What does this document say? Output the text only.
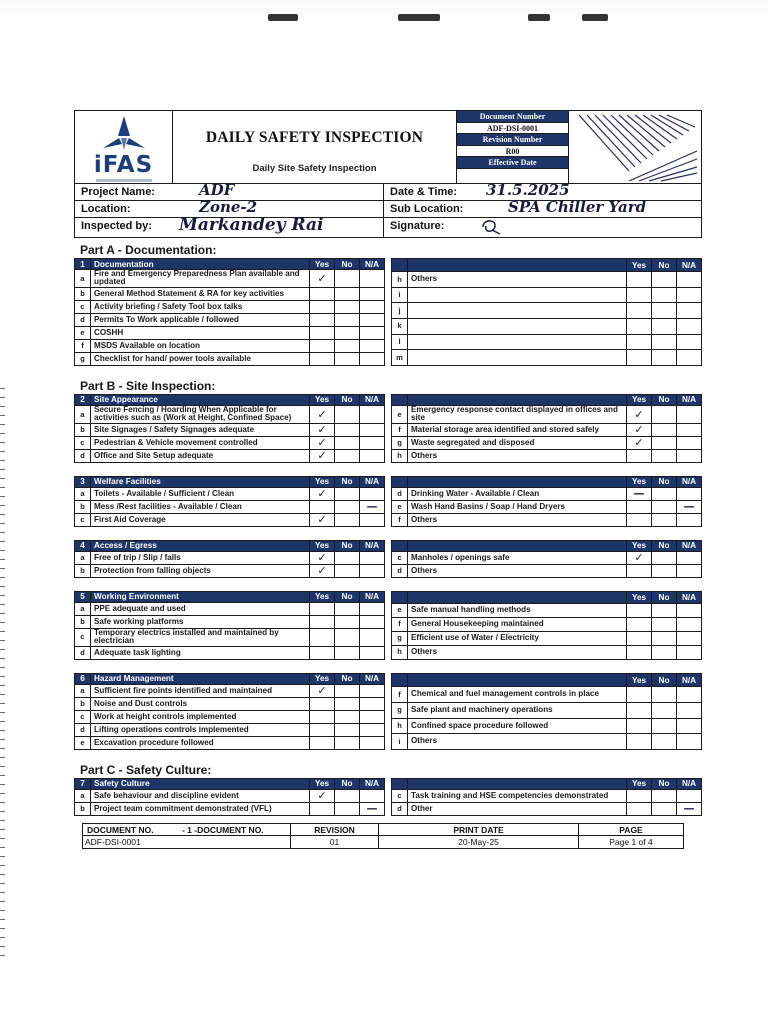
iFAS
DAILY SAFETY INSPECTION
Daily Site Safety Inspection
Document Number
ADF-DSI-0001
Revision Number
R00
Effective Date
Project Name:	ADF
Location:	Zone-2
Inspected by: Markandey Rai
Date & Time: 31.5.2025
Sub Location:	SPA Chiller Yard
Signature:
Part A - Documentation:
1	Documentation	Yes	No	N/A
a	Fire and Emergency Preparedness Plan available and updated	✓		
b	General Method Statement & RA for key activities			
c	Activity briefing / Safety Tool box talks			
d	Permits To Work applicable / followed			
e	COSHH			
f	MSDS Available on location			
g	Checklist for hand/ power tools available			
		Yes	No	N/A
h	Others			
i				
j				
k				
l				
m				
Part B - Site Inspection:
2	Site Appearance	Yes	No	N/A
a	Secure Fencing / Hoarding When Applicable for activities such as (Work at Height, Confined Space)	✓		
b	Site Signages / Safety Signages adequate	✓		
c	Pedestrian & Vehicle movement controlled	✓		
d	Office and Site Setup adequate	✓		
		Yes	No	N/A
e	Emergency response contact displayed in offices and site	✓		
f	Material storage area identified and stored safely	✓		
g	Waste segregated and disposed	✓		
h	Others			
3	Welfare Facilities	Yes	No	N/A
a	Toilets - Available / Sufficient / Clean	✓		
b	Mess /Rest facilities - Available / Clean			—
c	First Aid Coverage	✓		
		Yes	No	N/A
d	Drinking Water - Available / Clean	—		
e	Wash Hand Basins / Soap / Hand Dryers			—
f	Others			
4	Access / Egress	Yes	No	N/A
a	Free of trip / Slip / falls	✓		
b	Protection from falling objects	✓		
		Yes	No	N/A
c	Manholes / openings safe	✓		
d	Others			
5	Working Environment	Yes	No	N/A
a	PPE adequate and used			
b	Safe working platforms			
c	Temporary electrics installed and maintained by electrician			
d	Adequate task lighting			
		Yes	No	N/A
e	Safe manual handling methods			
f	General Housekeeping maintained			
g	Efficient use of Water / Electricity			
h	Others			
6	Hazard Management	Yes	No	N/A
a	Sufficient fire points identified and maintained	✓		
b	Noise and Dust controls			
c	Work at height controls implemented			
d	Lifting operations controls implemented			
e	Excavation procedure followed			
		Yes	No	N/A
f	Chemical and fuel management controls in place			
g	Safe plant and machinery operations			
h	Confined space procedure followed			
i	Others			
Part C - Safety Culture:
7	Safety Culture	Yes	No	N/A
a	Safe behaviour and discipline evident	✓		
b	Project team commitment demonstrated (VFL)			—
		Yes	No	N/A
c	Task training and HSE competencies demonstrated			
d	Other			—
DOCUMENT NO.	- 1 -DOCUMENT NO.
ADF-DSI-0001
REVISION
01
PRINT DATE
20-May-25
PAGE
Page 1 of 4
